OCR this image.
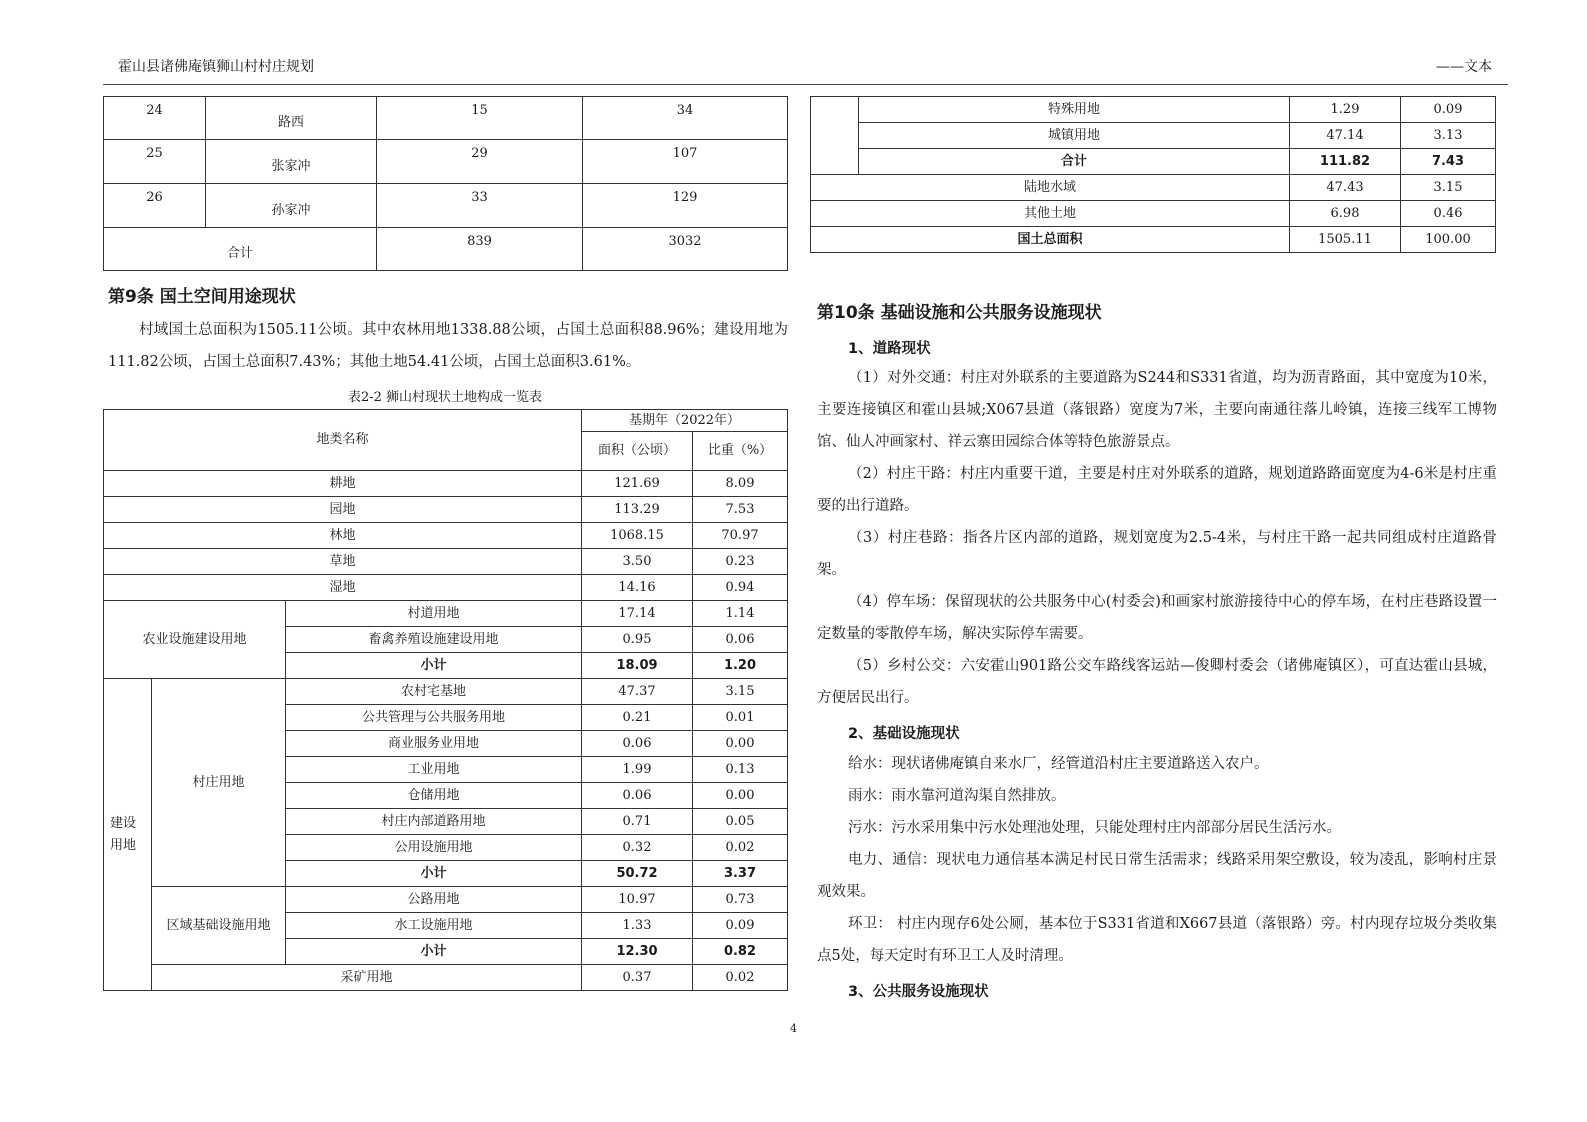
霍山县诸佛庵镇狮山村村庄规划	——文本
24	路西	15	34
25	张家冲	29	107
26	孙家冲	33	129
合计		839	3032
第9条 国土空间用途现状
村域国土总面积为1505.11公顷。其中农林用地1338.88公顷，占国土总面积88.96%；建设用地为111.82公顷，占国土总面积7.43%；其他土地54.41公顷，占国土总面积3.61%。
表2-2 狮山村现状土地构成一览表
地类名称			基期年（2022年）	
			面积（公顷）	比重（%）
耕地			121.69	8.09
园地			113.29	7.53
林地			1068.15	70.97
草地			3.50	0.23
湿地			14.16	0.94
农业设施建设用地		村道用地	17.14	1.14
		畜禽养殖设施建设用地	0.95	0.06
		小计	18.09	1.20

建设用地	村庄用地	农村宅基地	47.37	3.15
		公共管理与公共服务用地	0.21	0.01
		商业服务业用地	0.06	0.00
		工业用地	1.99	0.13
		仓储用地	0.06	0.00
		村庄内部道路用地	0.71	0.05
		公用设施用地	0.32	0.02
		小计	50.72	3.37
	区域基础设施用地	公路用地	10.97	0.73
		水工设施用地	1.33	0.09
		小计	12.30	0.82
	采矿用地		0.37	0.02
	特殊用地	1.29	0.09
	城镇用地	47.14	3.13
	合计	111.82	7.43
陆地水域		47.43	3.15
其他土地		6.98	0.46
国土总面积		1505.11	100.00
第10条 基础设施和公共服务设施现状
1、道路现状
（1）对外交通：村庄对外联系的主要道路为S244和S331省道，均为沥青路面，其中宽度为10米，主要连接镇区和霍山县城;X067县道（落银路）宽度为7米，主要向南通往落儿岭镇，连接三线军工博物馆、仙人冲画家村、祥云寨田园综合体等特色旅游景点。
（2）村庄干路：村庄内重要干道，主要是村庄对外联系的道路，规划道路路面宽度为4-6米是村庄重要的出行道路。
（3）村庄巷路：指各片区内部的道路，规划宽度为2.5-4米，与村庄干路一起共同组成村庄道路骨架。
（4）停车场：保留现状的公共服务中心(村委会)和画家村旅游接待中心的停车场，在村庄巷路设置一定数量的零散停车场，解决实际停车需要。
（5）乡村公交：六安霍山901路公交车路线客运站—俊卿村委会（诸佛庵镇区），可直达霍山县城，方便居民出行。
2、基础设施现状
给水：现状诸佛庵镇自来水厂，经管道沿村庄主要道路送入农户。
雨水：雨水靠河道沟渠自然排放。
污水：污水采用集中污水处理池处理，只能处理村庄内部部分居民生活污水。
电力、通信：现状电力通信基本满足村民日常生活需求；线路采用架空敷设，较为凌乱，影响村庄景观效果。
环卫： 村庄内现存6处公厕，基本位于S331省道和X667县道（落银路）旁。村内现存垃圾分类收集点5处，每天定时有环卫工人及时清理。
3、公共服务设施现状
4
